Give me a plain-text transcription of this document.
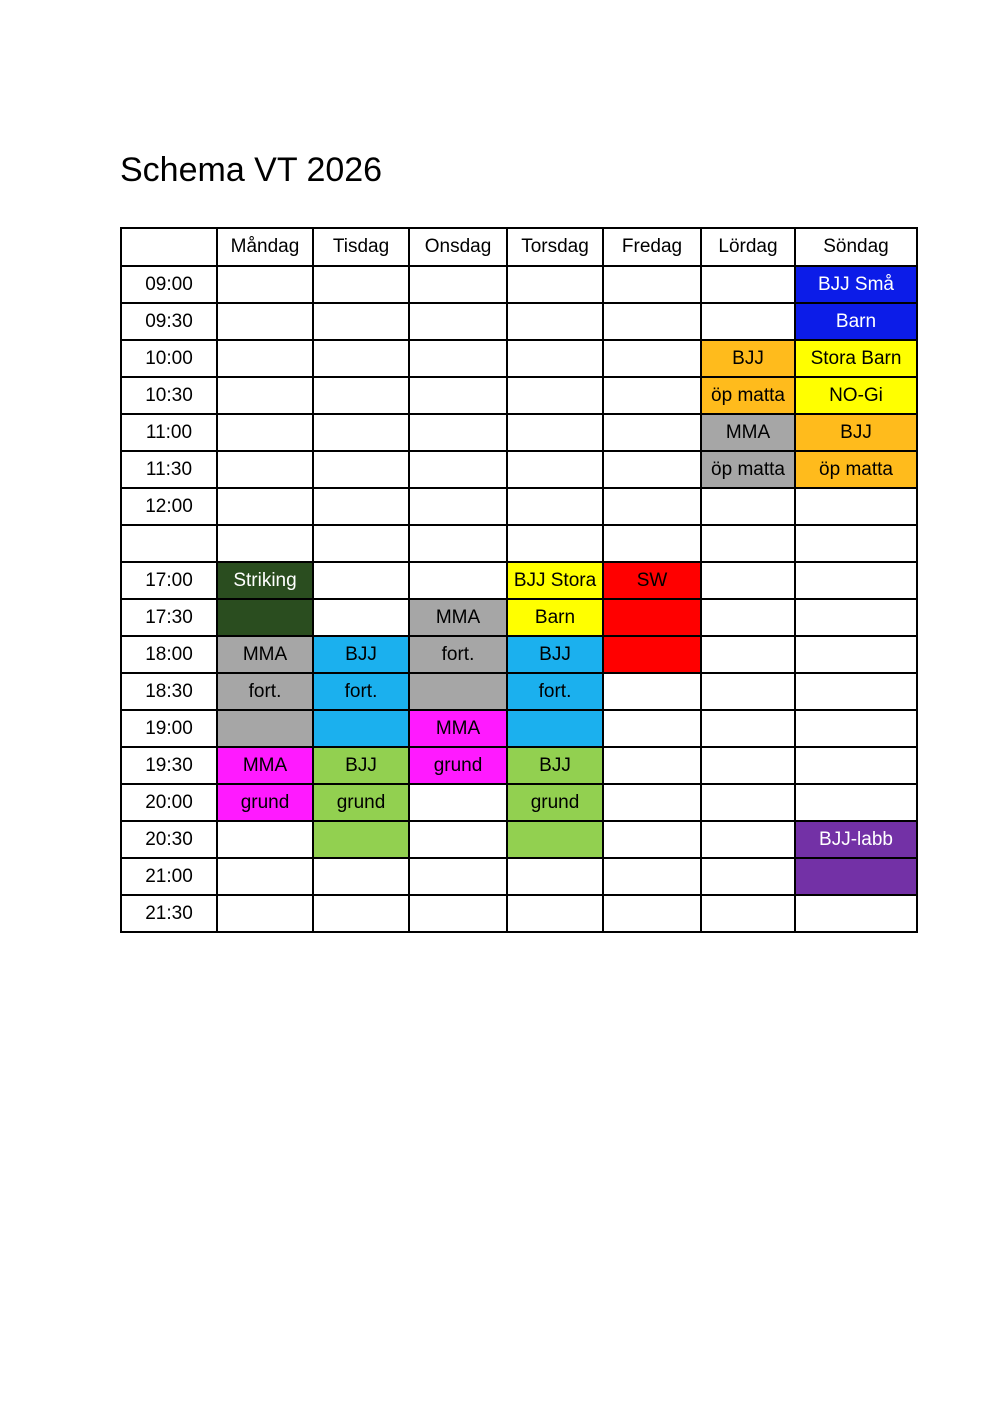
Schema VT 2026
	Måndag	Tisdag	Onsdag	Torsdag	Fredag	Lördag	Söndag
09:00							BJJ Små
09:30							Barn
10:00						BJJ	Stora Barn
10:30						öp matta	NO-Gi
11:00						MMA	BJJ
11:30						öp matta	öp matta
12:00							

17:00	Striking			BJJ Stora	SW		
17:30			MMA	Barn			
18:00	MMA	BJJ	fort.	BJJ			
18:30	fort.	fort.		fort.			
19:00			MMA				
19:30	MMA	BJJ	grund	BJJ			
20:00	grund	grund		grund			
20:30							BJJ-labb
21:00							
21:30							
